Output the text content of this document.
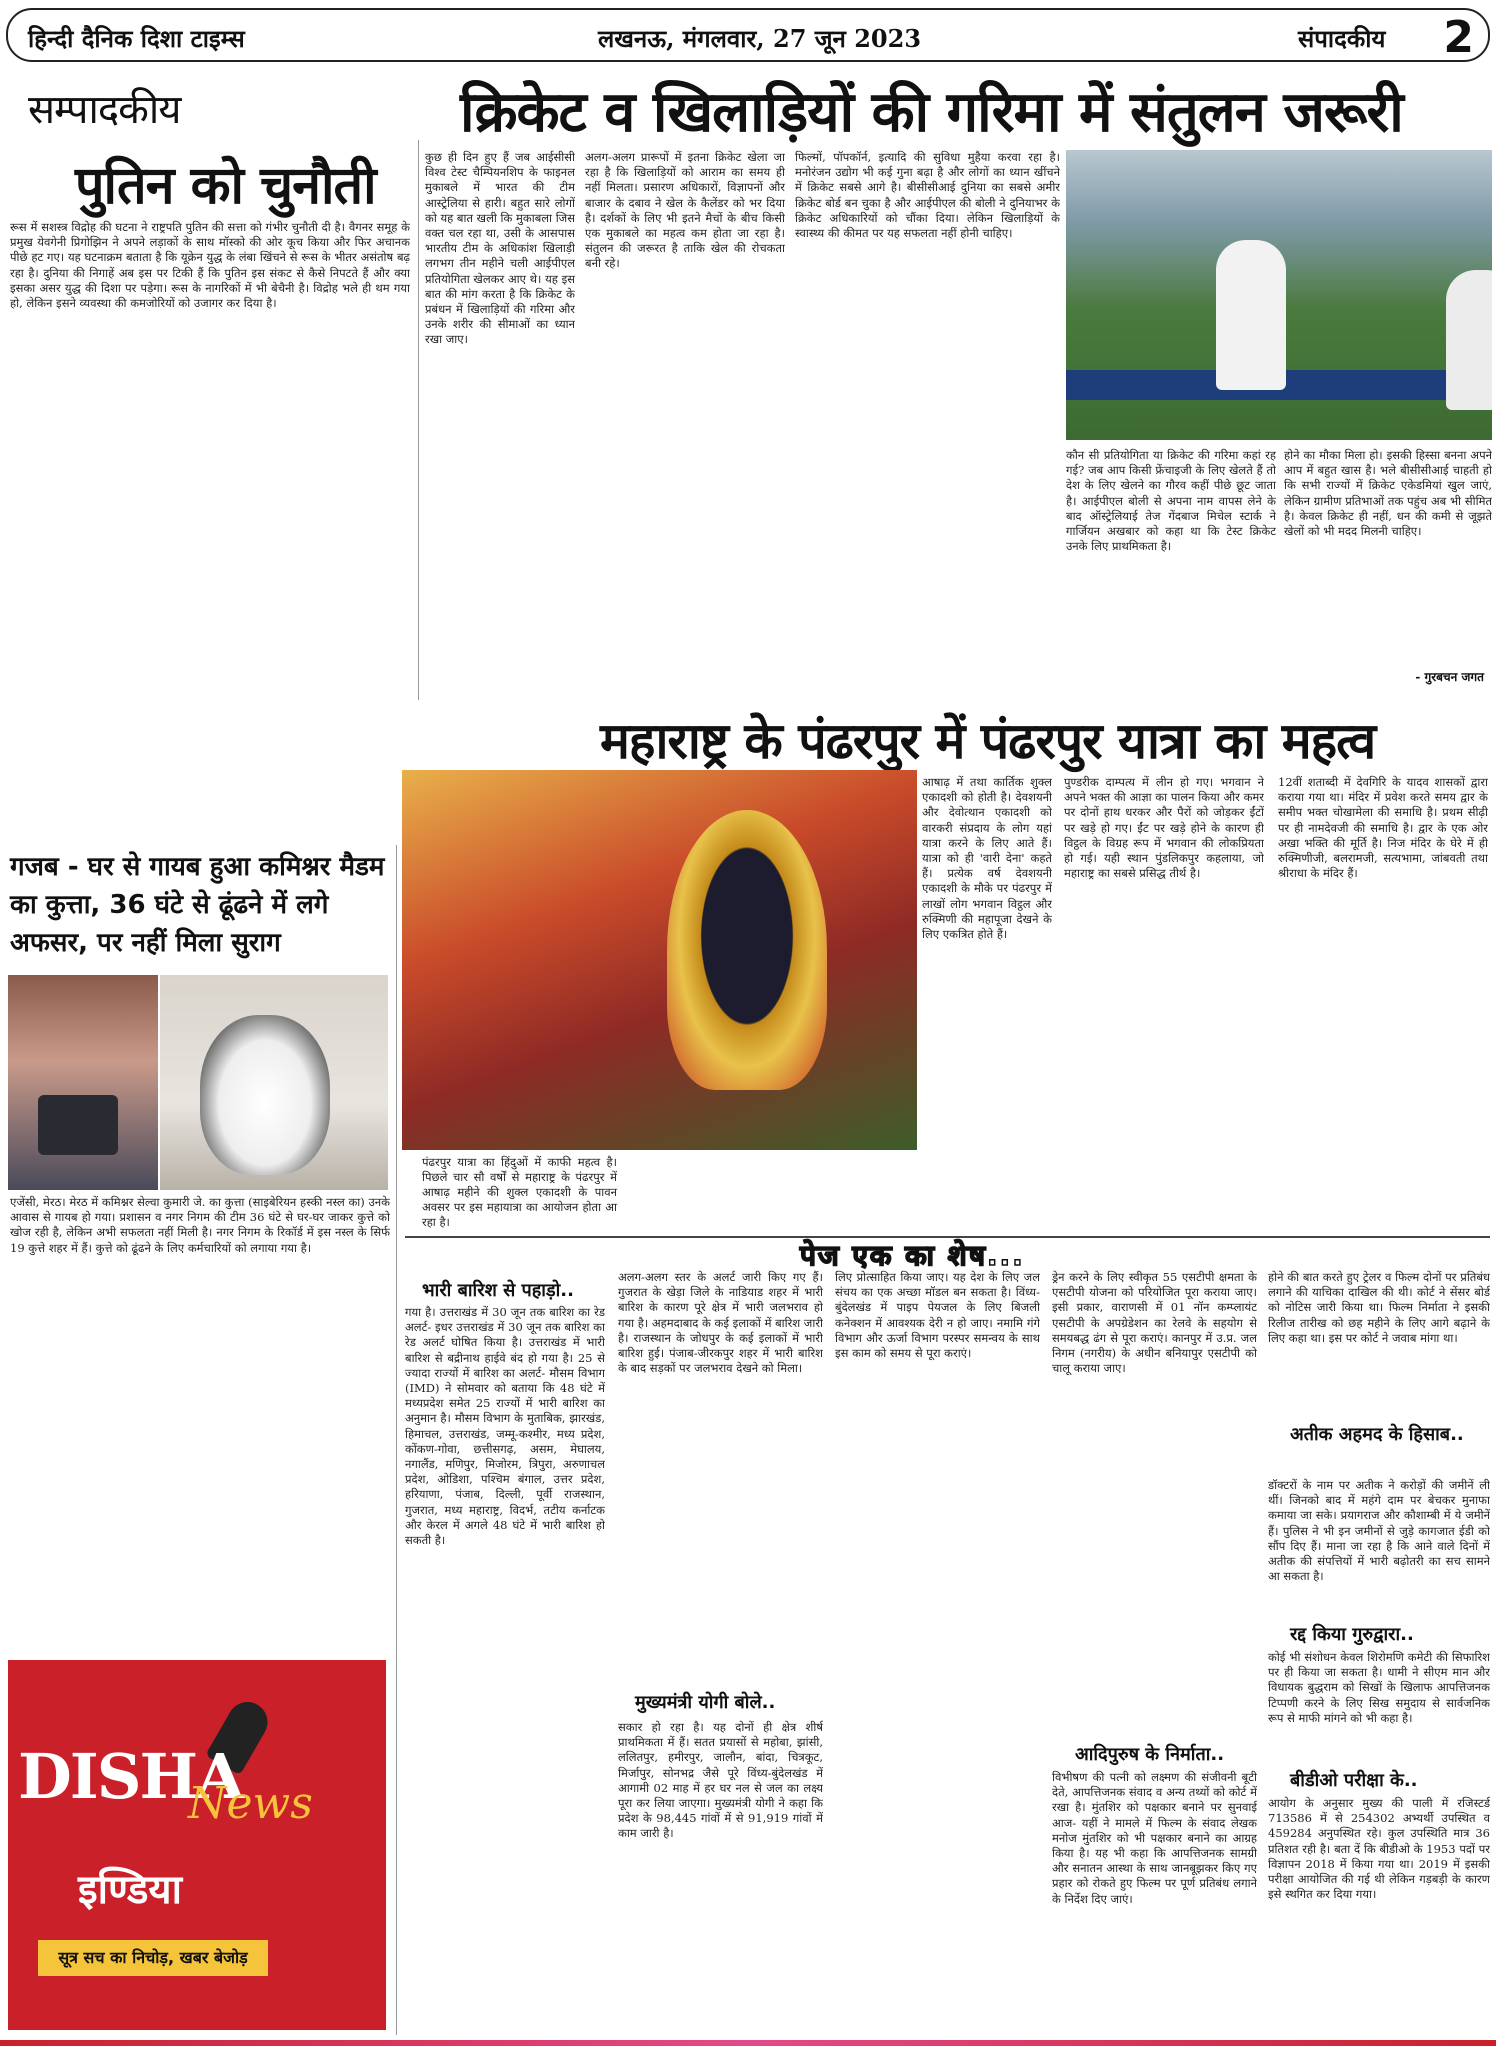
हिन्दी दैनिक दिशा टाइम्स	लखनऊ, मंगलवार, 27 जून 2023	संपादकीय 2
सम्पादकीय	क्रिकेट व खिलाड़ियों की गरिमा में संतुलन जरूरी
पुतिन को चुनौती
रूस में सशस्त्र विद्रोह की घटना ने राष्ट्रपति पुतिन की सत्ता को गंभीर चुनौती दी है। वैगनर समूह के प्रमुख येवगेनी प्रिगोझिन ने अपने लड़ाकों के साथ मॉस्को की ओर कूच किया और फिर अचानक पीछे हट गए। यह घटनाक्रम बताता है कि यूक्रेन युद्ध के लंबा खिंचने से रूस के भीतर असंतोष बढ़ रहा है। दुनिया की निगाहें अब इस पर टिकी हैं कि पुतिन इस संकट से कैसे निपटते हैं और क्या इसका असर युद्ध की दिशा पर पड़ेगा। रूस के नागरिकों में भी बेचैनी है। विद्रोह भले ही थम गया हो, लेकिन इसने व्यवस्था की कमजोरियों को उजागर कर दिया है।
कुछ ही दिन हुए हैं जब आईसीसी विश्व टेस्ट चैम्पियनशिप के फाइनल मुकाबले में भारत की टीम आस्ट्रेलिया से हारी। बहुत सारे लोगों को यह बात खली कि मुकाबला जिस वक्त चल रहा था, उसी के आसपास भारतीय टीम के अधिकांश खिलाड़ी लगभग तीन महीने चली आईपीएल प्रतियोगिता खेलकर आए थे। यह इस बात की मांग करता है कि क्रिकेट के प्रबंधन में खिलाड़ियों की गरिमा और उनके शरीर की सीमाओं का ध्यान रखा जाए।
अलग-अलग प्रारूपों में इतना क्रिकेट खेला जा रहा है कि खिलाड़ियों को आराम का समय ही नहीं मिलता। प्रसारण अधिकारों, विज्ञापनों और बाजार के दबाव ने खेल के कैलेंडर को भर दिया है। दर्शकों के लिए भी इतने मैचों के बीच किसी एक मुकाबले का महत्व कम होता जा रहा है। संतुलन की जरूरत है ताकि खेल की रोचकता बनी रहे।
फिल्मों, पॉपकॉर्न, इत्यादि की सुविधा मुहैया करवा रहा है। मनोरंजन उद्योग भी कई गुना बढ़ा है और लोगों का ध्यान खींचने में क्रिकेट सबसे आगे है। बीसीसीआई दुनिया का सबसे अमीर क्रिकेट बोर्ड बन चुका है और आईपीएल की बोली ने दुनियाभर के क्रिकेट अधिकारियों को चौंका दिया। लेकिन खिलाड़ियों के स्वास्थ्य की कीमत पर यह सफलता नहीं होनी चाहिए।
कौन सी प्रतियोगिता या क्रिकेट की गरिमा कहां रह गई? जब आप किसी फ्रेंचाइजी के लिए खेलते हैं तो देश के लिए खेलने का गौरव कहीं पीछे छूट जाता है। आईपीएल बोली से अपना नाम वापस लेने के बाद ऑस्ट्रेलियाई तेज गेंदबाज मिचेल स्टार्क ने गार्जियन अखबार को कहा था कि टेस्ट क्रिकेट उनके लिए प्राथमिकता है।
होने का मौका मिला हो। इसकी हिस्सा बनना अपने आप में बहुत खास है। भले बीसीसीआई चाहती हो कि सभी राज्यों में क्रिकेट एकेडमियां खुल जाएं, लेकिन ग्रामीण प्रतिभाओं तक पहुंच अब भी सीमित है। केवल क्रिकेट ही नहीं, धन की कमी से जूझते खेलों को भी मदद मिलनी चाहिए।
- गुरबचन जगत
महाराष्ट्र के पंढरपुर में पंढरपुर यात्रा का महत्व
पंढरपुर यात्रा का हिंदुओं में काफी महत्व है। पिछले चार सौ वर्षों से महाराष्ट्र के पंढरपुर में आषाढ़ महीने की शुक्ल एकादशी के पावन अवसर पर इस महायात्रा का आयोजन होता आ रहा है।
आषाढ़ में तथा कार्तिक शुक्ल एकादशी को होती है। देवशयनी और देवोत्थान एकादशी को वारकरी संप्रदाय के लोग यहां यात्रा करने के लिए आते हैं। यात्रा को ही 'वारी देना' कहते हैं। प्रत्येक वर्ष देवशयनी एकादशी के मौके पर पंढरपुर में लाखों लोग भगवान विट्ठल और रुक्मिणी की महापूजा देखने के लिए एकत्रित होते हैं।
पुण्डरीक दाम्पत्य में लीन हो गए। भगवान ने अपने भक्त की आज्ञा का पालन किया और कमर पर दोनों हाथ धरकर और पैरों को जोड़कर ईंटों पर खड़े हो गए। ईंट पर खड़े होने के कारण ही विट्ठल के विग्रह रूप में भगवान की लोकप्रियता हो गई। यही स्थान पुंडलिकपुर कहलाया, जो महाराष्ट्र का सबसे प्रसिद्ध तीर्थ है।
12वीं शताब्दी में देवगिरि के यादव शासकों द्वारा कराया गया था। मंदिर में प्रवेश करते समय द्वार के समीप भक्त चोखामेला की समाधि है। प्रथम सीढ़ी पर ही नामदेवजी की समाधि है। द्वार के एक ओर अखा भक्ति की मूर्ति है। निज मंदिर के घेरे में ही रुक्मिणीजी, बलरामजी, सत्यभामा, जांबवती तथा श्रीराधा के मंदिर हैं।
गजब - घर से गायब हुआ कमिश्नर मैडम का कुत्ता, 36 घंटे से ढूंढने में लगे अफसर, पर नहीं मिला सुराग
एजेंसी, मेरठ। मेरठ में कमिश्नर सेल्वा कुमारी जे. का कुत्ता (साइबेरियन हस्की नस्ल का) उनके आवास से गायब हो गया। प्रशासन व नगर निगम की टीम 36 घंटे से घर-घर जाकर कुत्ते को खोज रही है, लेकिन अभी सफलता नहीं मिली है। नगर निगम के रिकॉर्ड में इस नस्ल के सिर्फ 19 कुत्ते शहर में हैं। कुत्ते को ढूंढने के लिए कर्मचारियों को लगाया गया है।
DISHA
News
इण्डिया
सूत्र सच का निचोड़, खबर बेजोड़
पेज एक का शेष...
भारी बारिश से पहाड़ो..
गया है। उत्तराखंड में 30 जून तक बारिश का रेड अलर्ट- इधर उत्तराखंड में 30 जून तक बारिश का रेड अलर्ट घोषित किया है। उत्तराखंड में भारी बारिश से बद्रीनाथ हाईवे बंद हो गया है। 25 से ज्यादा राज्यों में बारिश का अलर्ट- मौसम विभाग (IMD) ने सोमवार को बताया कि 48 घंटे में मध्यप्रदेश समेत 25 राज्यों में भारी बारिश का अनुमान है। मौसम विभाग के मुताबिक, झारखंड, हिमाचल, उत्तराखंड, जम्मू-कश्मीर, मध्य प्रदेश, कोंकण-गोवा, छत्तीसगढ़, असम, मेघालय, नगालैंड, मणिपुर, मिजोरम, त्रिपुरा, अरुणाचल प्रदेश, ओडिशा, पश्चिम बंगाल, उत्तर प्रदेश, हरियाणा, पंजाब, दिल्ली, पूर्वी राजस्थान, गुजरात, मध्य महाराष्ट्र, विदर्भ, तटीय कर्नाटक और केरल में अगले 48 घंटे में भारी बारिश हो सकती है।
अलग-अलग स्तर के अलर्ट जारी किए गए हैं। गुजरात के खेड़ा जिले के नाडियाड शहर में भारी बारिश के कारण पूरे क्षेत्र में भारी जलभराव हो गया है। अहमदाबाद के कई इलाकों में बारिश जारी है। राजस्थान के जोधपुर के कई इलाकों में भारी बारिश हुई। पंजाब-जीरकपुर शहर में भारी बारिश के बाद सड़कों पर जलभराव देखने को मिला।
मुख्यमंत्री योगी बोले..
सकार हो रहा है। यह दोनों ही क्षेत्र शीर्ष प्राथमिकता में हैं। सतत प्रयासों से महोबा, झांसी, ललितपुर, हमीरपुर, जालौन, बांदा, चित्रकूट, मिर्जापुर, सोनभद्र जैसे पूरे विंध्य-बुंदेलखंड में आगामी 02 माह में हर घर नल से जल का लक्ष्य पूरा कर लिया जाएगा। मुख्यमंत्री योगी ने कहा कि प्रदेश के 98,445 गांवों में से 91,919 गांवों में काम जारी है।
लिए प्रोत्साहित किया जाए। यह देश के लिए जल संचय का एक अच्छा मॉडल बन सकता है। विंध्य-बुंदेलखंड में पाइप पेयजल के लिए बिजली कनेक्शन में आवश्यक देरी न हो जाए। नमामि गंगे विभाग और ऊर्जा विभाग परस्पर समन्वय के साथ इस काम को समय से पूरा कराएं।
ड्रेन करने के लिए स्वीकृत 55 एसटीपी क्षमता के एसटीपी योजना को परियोजित पूरा कराया जाए। इसी प्रकार, वाराणसी में 01 नॉन कम्प्लायंट एसटीपी के अपग्रेडेशन का रेलवे के सहयोग से समयबद्ध ढंग से पूरा कराएं। कानपुर में उ.प्र. जल निगम (नगरीय) के अधीन बनियापुर एसटीपी को चालू कराया जाए।
आदिपुरुष के निर्माता..
विभीषण की पत्नी को लक्ष्मण की संजीवनी बूटी देते, आपत्तिजनक संवाद व अन्य तथ्यों को कोर्ट में रखा है। मुंतशिर को पक्षकार बनाने पर सुनवाई आज- यहीं ने मामले में फिल्म के संवाद लेखक मनोज मुंतशिर को भी पक्षकार बनाने का आग्रह किया है। यह भी कहा कि आपत्तिजनक सामग्री और सनातन आस्था के साथ जानबूझकर किए गए प्रहार को रोकते हुए फिल्म पर पूर्ण प्रतिबंध लगाने के निर्देश दिए जाएं।
होने की बात करते हुए ट्रेलर व फिल्म दोनों पर प्रतिबंध लगाने की याचिका दाखिल की थी। कोर्ट ने सेंसर बोर्ड को नोटिस जारी किया था। फिल्म निर्माता ने इसकी रिलीज तारीख को छह महीने के लिए आगे बढ़ाने के लिए कहा था। इस पर कोर्ट ने जवाब मांगा था।
अतीक अहमद के हिसाब..
डॉक्टरों के नाम पर अतीक ने करोड़ों की जमीनें ली थीं। जिनको बाद में महंगे दाम पर बेचकर मुनाफा कमाया जा सके। प्रयागराज और कौशाम्बी में ये जमीनें हैं। पुलिस ने भी इन जमीनों से जुड़े कागजात ईडी को सौंप दिए हैं। माना जा रहा है कि आने वाले दिनों में अतीक की संपत्तियों में भारी बढ़ोतरी का सच सामने आ सकता है।
रद्द किया गुरुद्वारा..
कोई भी संशोधन केवल शिरोमणि कमेटी की सिफारिश पर ही किया जा सकता है। धामी ने सीएम मान और विधायक बुद्धराम को सिखों के खिलाफ आपत्तिजनक टिप्पणी करने के लिए सिख समुदाय से सार्वजनिक रूप से माफी मांगने को भी कहा है।
बीडीओ परीक्षा के..
आयोग के अनुसार मुख्य की पाली में रजिस्टर्ड 713586 में से 254302 अभ्यर्थी उपस्थित व 459284 अनुपस्थित रहे। कुल उपस्थिति मात्र 36 प्रतिशत रही है। बता दें कि बीडीओ के 1953 पदों पर विज्ञापन 2018 में किया गया था। 2019 में इसकी परीक्षा आयोजित की गई थी लेकिन गड़बड़ी के कारण इसे स्थगित कर दिया गया।
